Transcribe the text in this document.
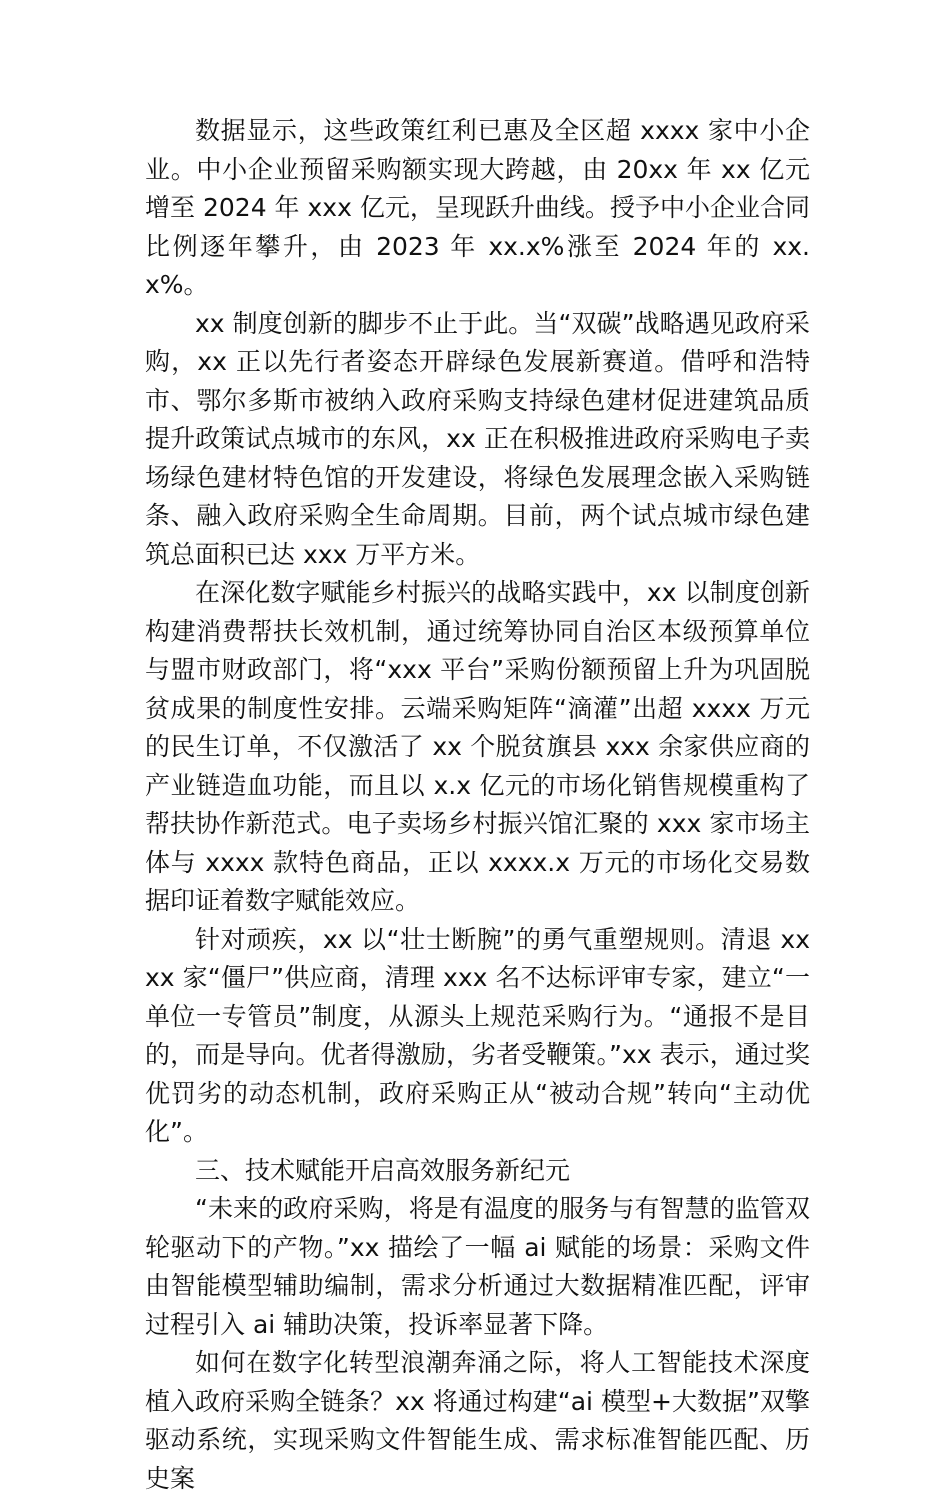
数据显示，这些政策红利已惠及全区超 xxxx 家中小企业。中小企业预留采购额实现大跨越，由 20xx 年 xx 亿元增至 2024 年 xxx 亿元，呈现跃升曲线。授予中小企业合同比例逐年攀升，由 2023 年 xx.x%涨至 2024 年的 xx.x%。

xx 制度创新的脚步不止于此。当“双碳”战略遇见政府采购，xx 正以先行者姿态开辟绿色发展新赛道。借呼和浩特市、鄂尔多斯市被纳入政府采购支持绿色建材促进建筑品质提升政策试点城市的东风，xx 正在积极推进政府采购电子卖场绿色建材特色馆的开发建设，将绿色发展理念嵌入采购链条、融入政府采购全生命周期。目前，两个试点城市绿色建筑总面积已达 xxx 万平方米。

在深化数字赋能乡村振兴的战略实践中，xx 以制度创新构建消费帮扶长效机制，通过统筹协同自治区本级预算单位与盟市财政部门，将“xxx 平台”采购份额预留上升为巩固脱贫成果的制度性安排。云端采购矩阵“滴灌”出超 xxxx 万元的民生订单，不仅激活了 xx 个脱贫旗县 xxx 余家供应商的产业链造血功能，而且以 x.x 亿元的市场化销售规模重构了帮扶协作新范式。电子卖场乡村振兴馆汇聚的 xxx 家市场主体与 xxxx 款特色商品，正以 xxxx.x 万元的市场化交易数据印证着数字赋能效应。

针对顽疾，xx 以“壮士断腕”的勇气重塑规则。清退 xxxx 家“僵尸”供应商，清理 xxx 名不达标评审专家，建立“一单位一专管员”制度，从源头上规范采购行为。“通报不是目的，而是导向。优者得激励，劣者受鞭策。”xx 表示，通过奖优罚劣的动态机制，政府采购正从“被动合规”转向“主动优化”。

三、技术赋能开启高效服务新纪元

“未来的政府采购，将是有温度的服务与有智慧的监管双轮驱动下的产物。”xx 描绘了一幅 ai 赋能的场景：采购文件由智能模型辅助编制，需求分析通过大数据精准匹配，评审过程引入 ai 辅助决策，投诉率显著下降。

如何在数字化转型浪潮奔涌之际，将人工智能技术深度植入政府采购全链条？xx 将通过构建“ai 模型+大数据”双擎驱动系统，实现采购文件智能生成、需求标准智能匹配、历史案
